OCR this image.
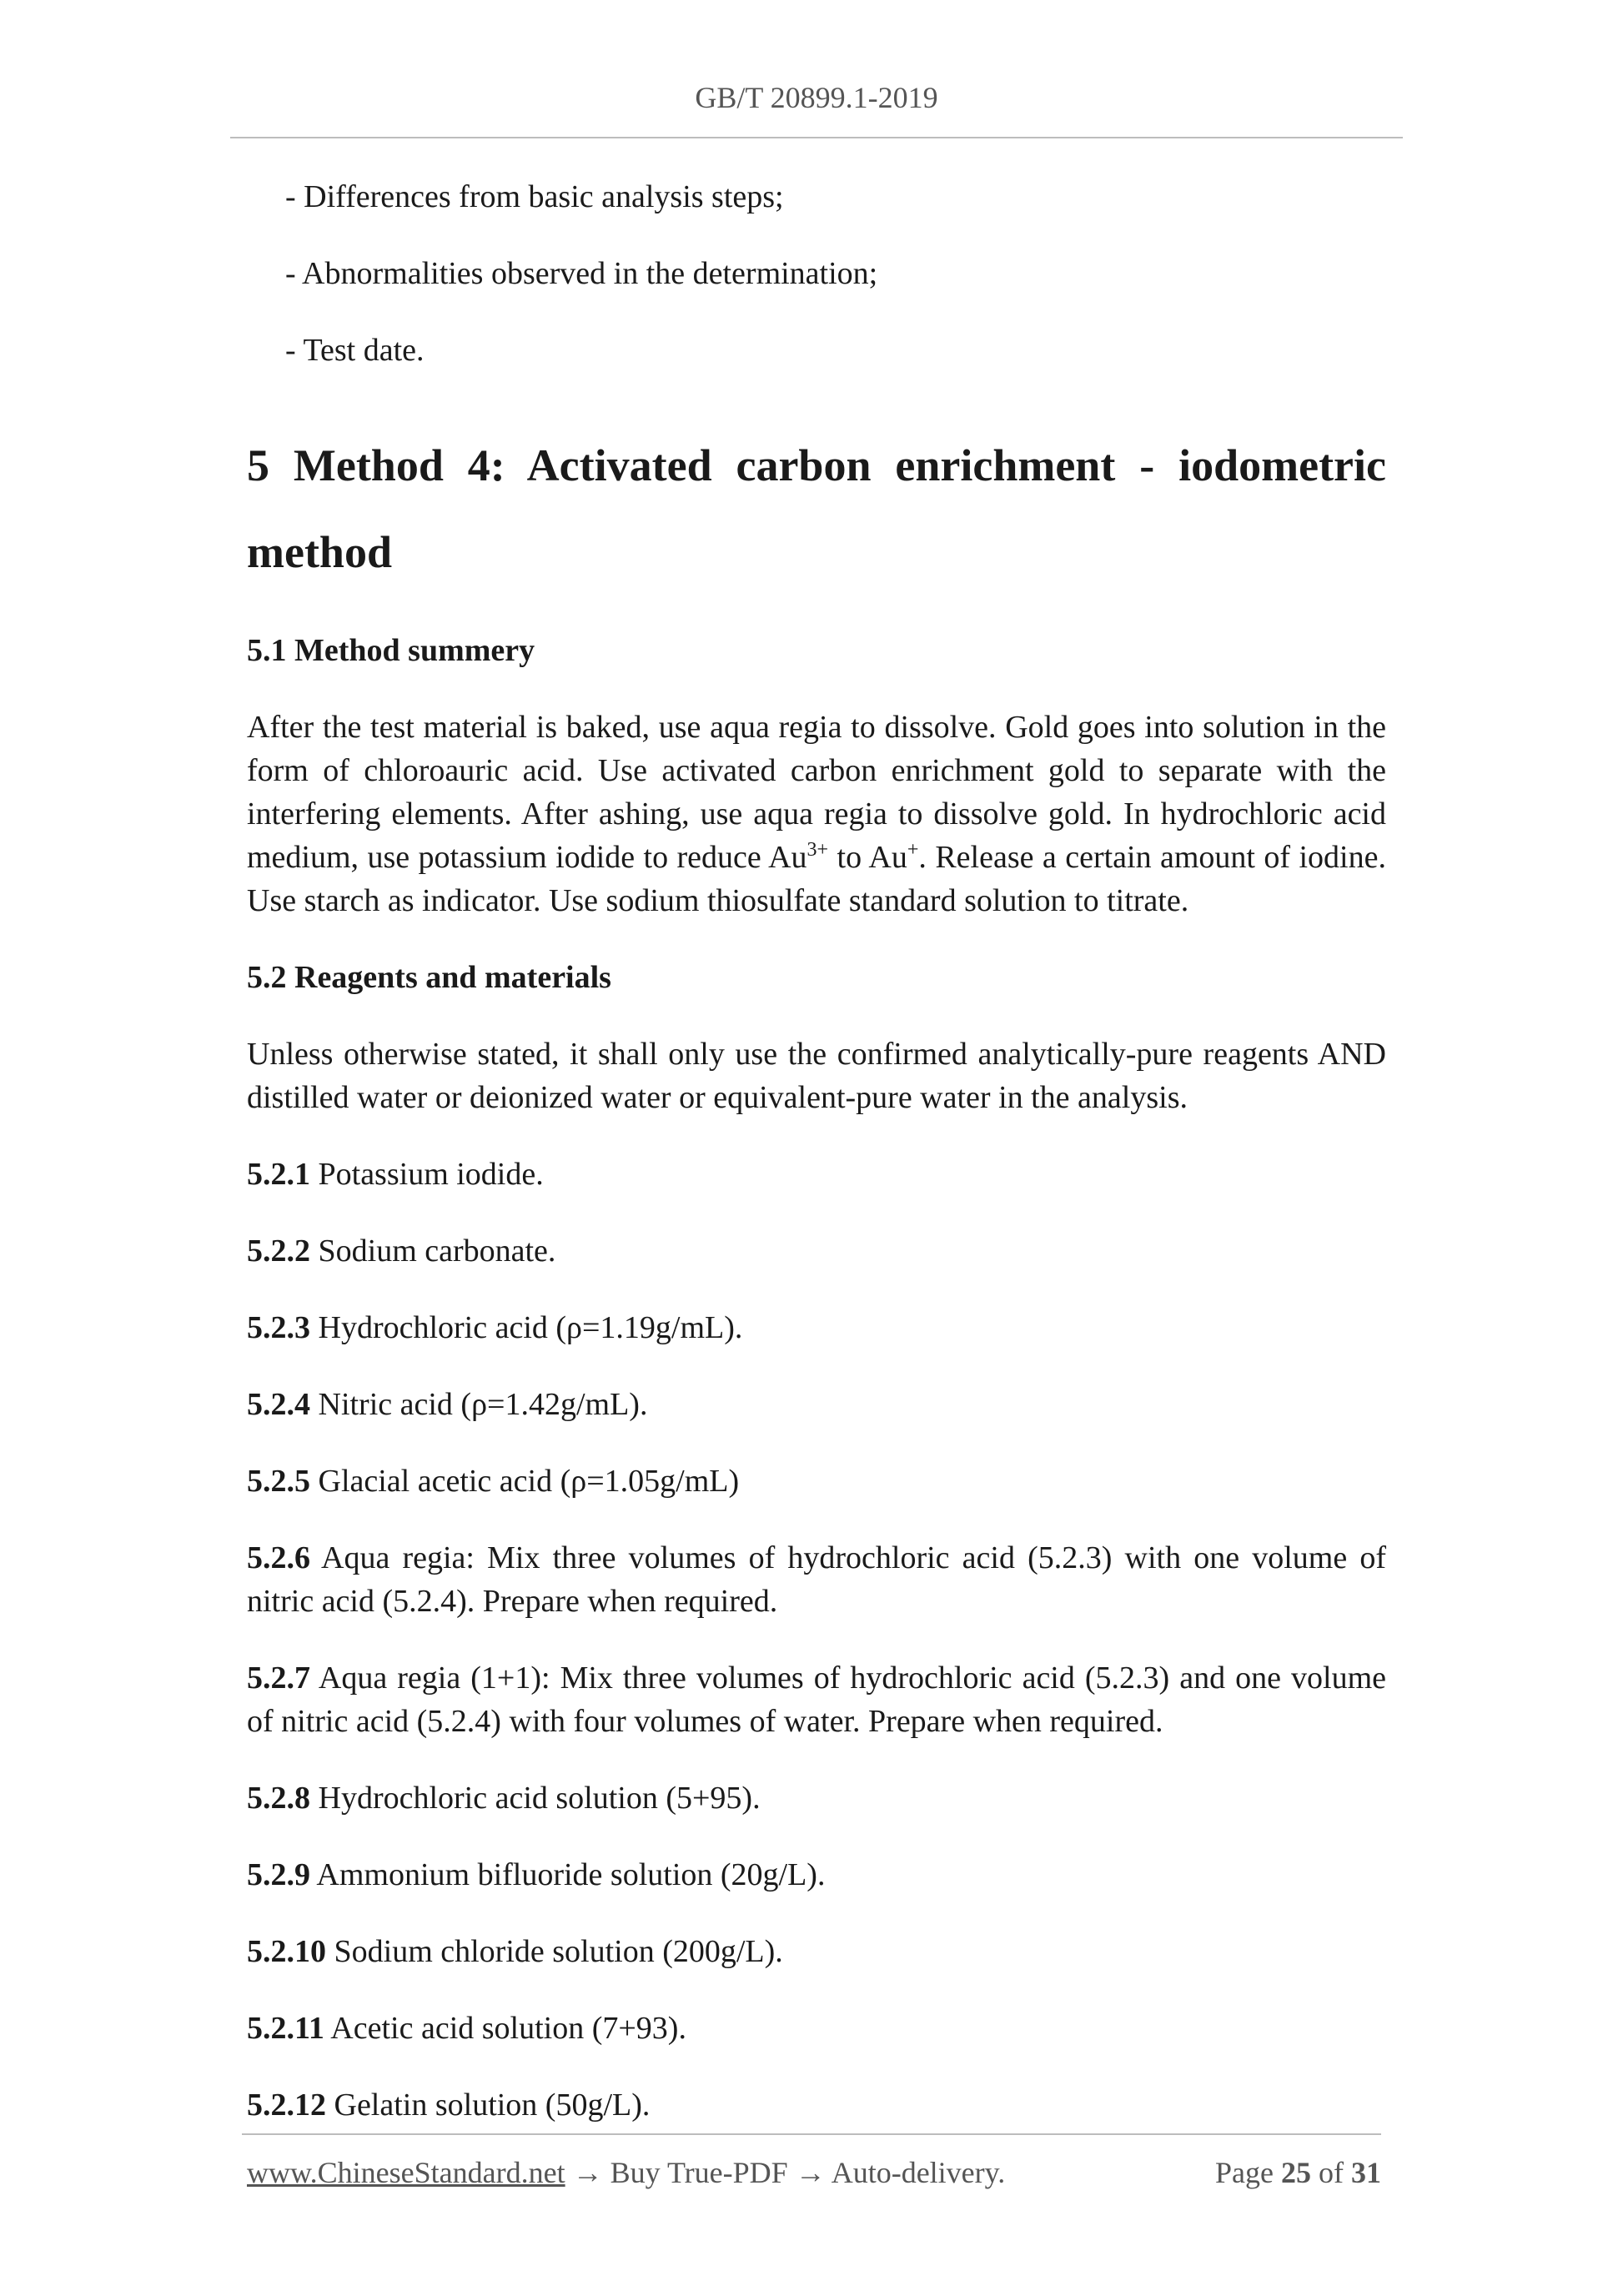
GB/T 20899.1-2019
- Differences from basic analysis steps;
- Abnormalities observed in the determination;
- Test date.
5 Method 4: Activated carbon enrichment - iodometric method
5.1 Method summery

After the test material is baked, use aqua regia to dissolve. Gold goes into solution in the form of chloroauric acid. Use activated carbon enrichment gold to separate with the interfering elements. After ashing, use aqua regia to dissolve gold. In hydrochloric acid medium, use potassium iodide to reduce $Au^{3+}$ to Au+. Release a certain amount of iodine. Use starch as indicator. Use sodium thiosulfate standard solution to titrate.

5.2 Reagents and materials

Unless otherwise stated, it shall only use the confirmed analytically-pure reagents AND distilled water or deionized water or equivalent-pure water in the analysis.

5.2.1 Potassium iodide.

5.2.2 Sodium carbonate.

5.2.3 Hydrochloric acid (ρ=1.19g/mL).

5.2.4 Nitric acid (ρ=1.42g/mL).

5.2.5 Glacial acetic acid (ρ=1.05g/mL)

5.2.6 Aqua regia: Mix three volumes of hydrochloric acid (5.2.3) with one volume of nitric acid (5.2.4). Prepare when required.

5.2.7 Aqua regia (1+1): Mix three volumes of hydrochloric acid (5.2.3) and one volume of nitric acid (5.2.4) with four volumes of water. Prepare when required.

5.2.8 Hydrochloric acid solution (5+95).

5.2.9 Ammonium bifluoride solution (20g/L).

5.2.10 Sodium chloride solution (200g/L).

5.2.11 Acetic acid solution (7+93).

5.2.12 Gelatin solution (50g/L).

www.ChineseStandard.net → Buy True-PDF → Auto-delivery.	Page 25 of 31
